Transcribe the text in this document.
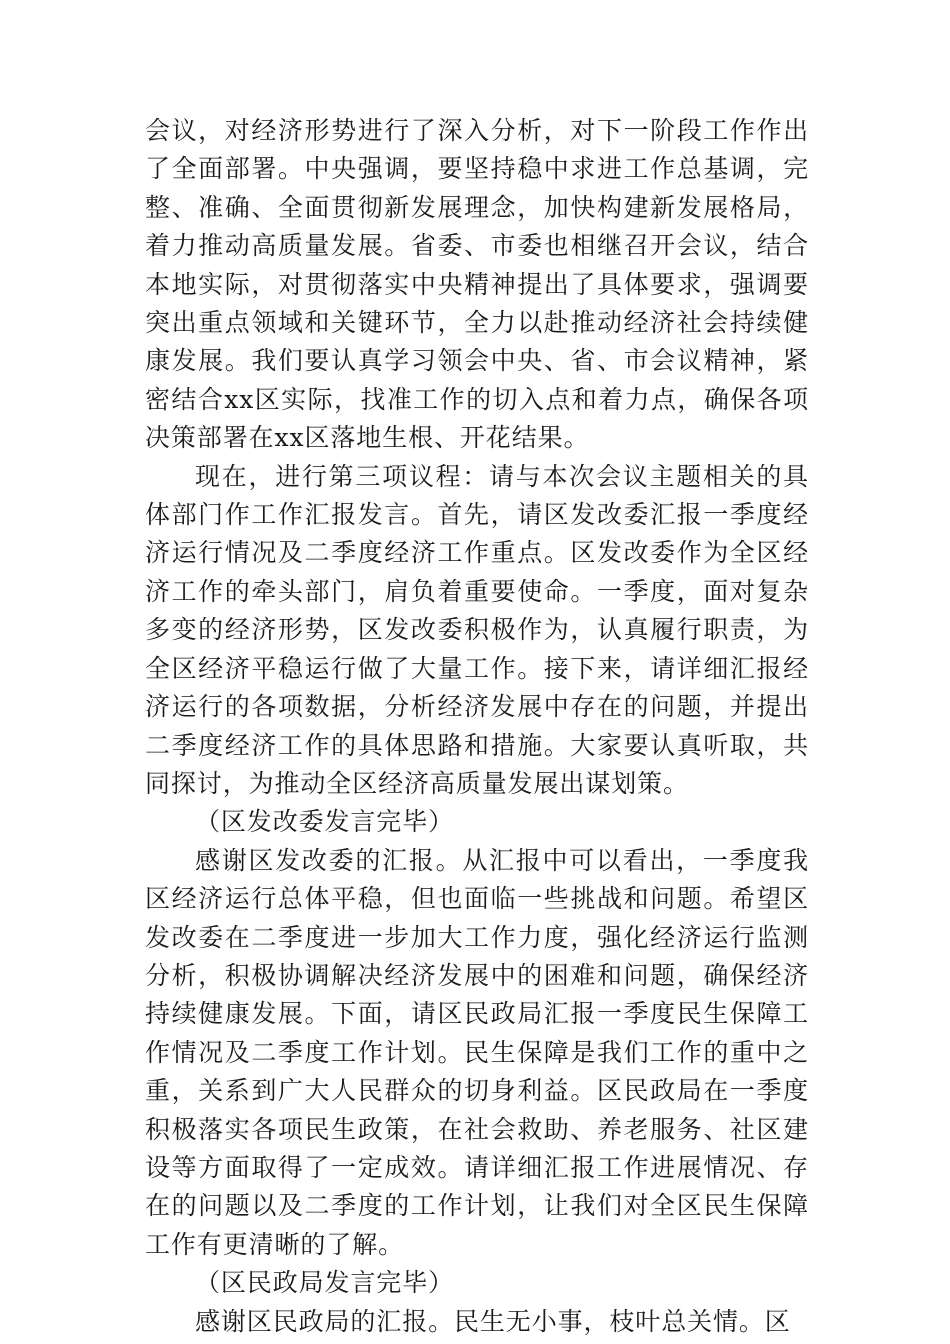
会议，对经济形势进行了深入分析，对下一阶段工作作出了全面部署。中央强调，要坚持稳中求进工作总基调，完整、准确、全面贯彻新发展理念，加快构建新发展格局，着力推动高质量发展。省委、市委也相继召开会议，结合本地实际，对贯彻落实中央精神提出了具体要求，强调要突出重点领域和关键环节，全力以赴推动经济社会持续健康发展。我们要认真学习领会中央、省、市会议精神，紧密结合xx区实际，找准工作的切入点和着力点，确保各项决策部署在xx区落地生根、开花结果。

现在，进行第三项议程：请与本次会议主题相关的具体部门作工作汇报发言。首先，请区发改委汇报一季度经济运行情况及二季度经济工作重点。区发改委作为全区经济工作的牵头部门，肩负着重要使命。一季度，面对复杂多变的经济形势，区发改委积极作为，认真履行职责，为全区经济平稳运行做了大量工作。接下来，请详细汇报经济运行的各项数据，分析经济发展中存在的问题，并提出二季度经济工作的具体思路和措施。大家要认真听取，共同探讨，为推动全区经济高质量发展出谋划策。

（区发改委发言完毕）

感谢区发改委的汇报。从汇报中可以看出，一季度我区经济运行总体平稳，但也面临一些挑战和问题。希望区发改委在二季度进一步加大工作力度，强化经济运行监测分析，积极协调解决经济发展中的困难和问题，确保经济持续健康发展。下面，请区民政局汇报一季度民生保障工作情况及二季度工作计划。民生保障是我们工作的重中之重，关系到广大人民群众的切身利益。区民政局在一季度积极落实各项民生政策，在社会救助、养老服务、社区建设等方面取得了一定成效。请详细汇报工作进展情况、存在的问题以及二季度的工作计划，让我们对全区民生保障工作有更清晰的了解。

（区民政局发言完毕）

感谢区民政局的汇报。民生无小事，枝叶总关情。区
